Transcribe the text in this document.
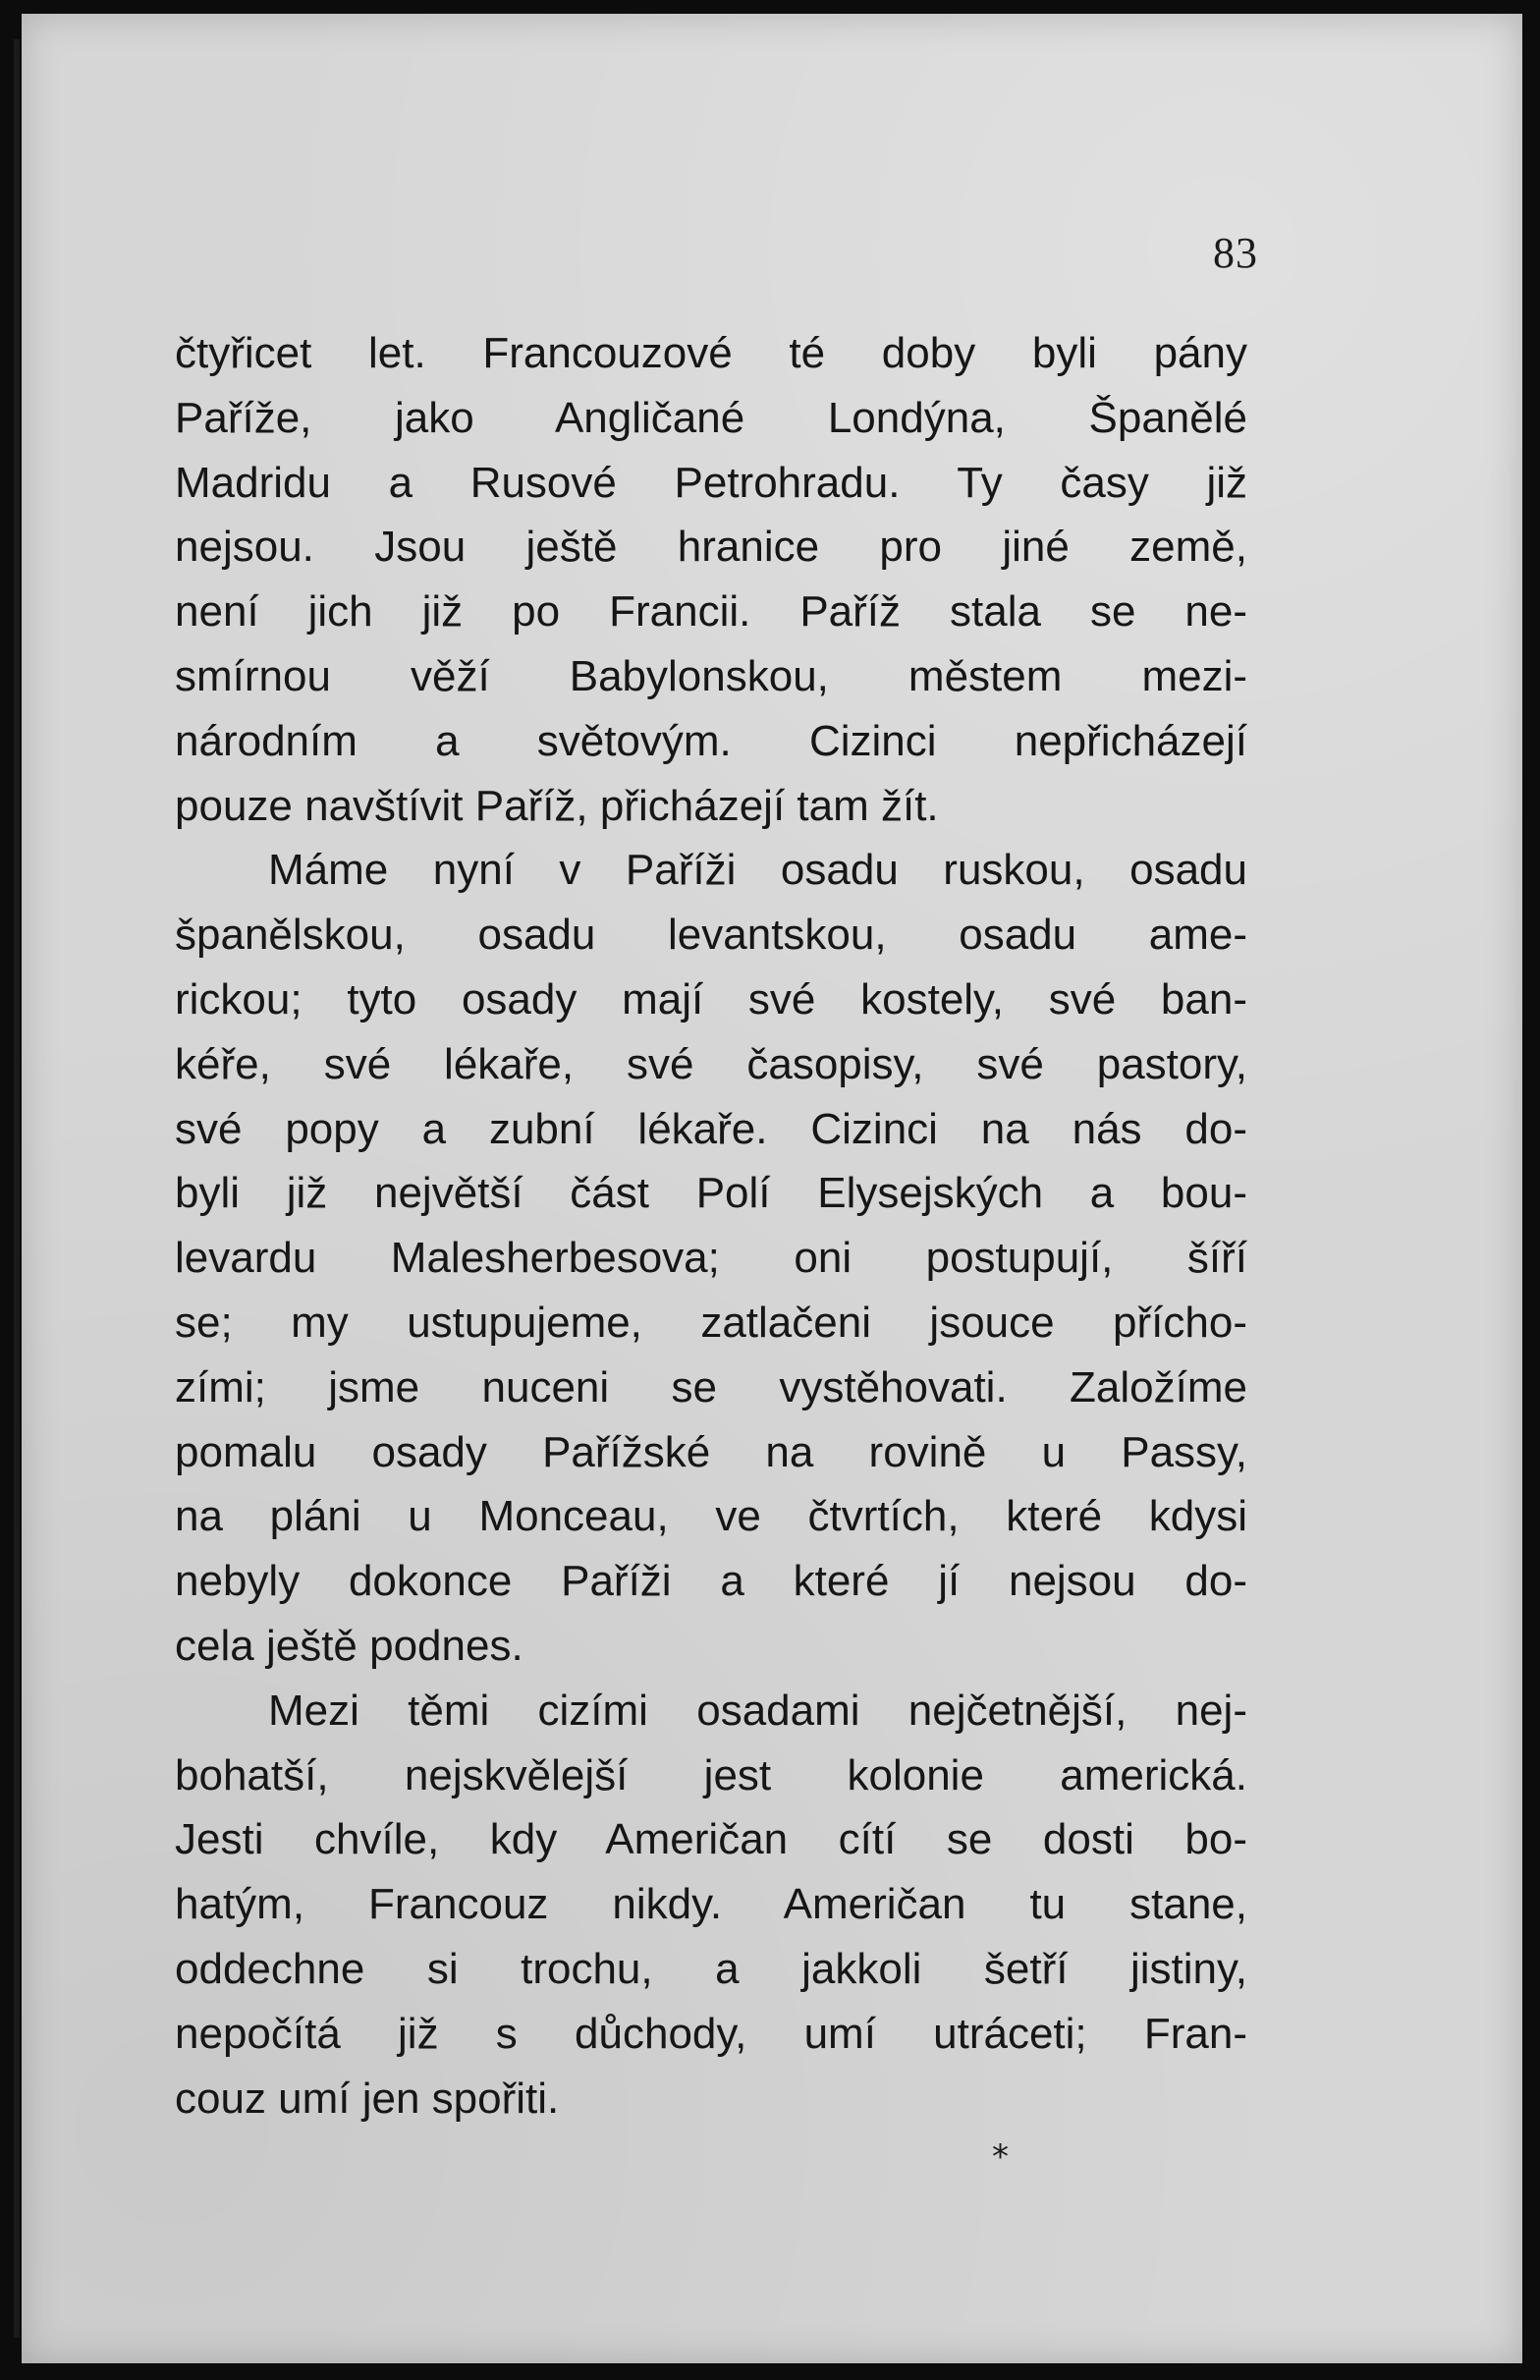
83
čtyřicet let. Francouzové té doby byli pány
Paříže, jako Angličané Londýna, Španělé
Madridu a Rusové Petrohradu. Ty časy již
nejsou. Jsou ještě hranice pro jiné země,
není jich již po Francii. Paříž stala se ne-
smírnou věží Babylonskou, městem mezi-
národním a světovým. Cizinci nepřicházejí
pouze navštívit Paříž, přicházejí tam žít.
Máme nyní v Paříži osadu ruskou, osadu
španělskou, osadu levantskou, osadu ame-
rickou; tyto osady mají své kostely, své ban-
kéře, své lékaře, své časopisy, své pastory,
své popy a zubní lékaře. Cizinci na nás do-
byli již největší část Polí Elysejských a bou-
levardu Malesherbesova; oni postupují, šíří
se; my ustupujeme, zatlačeni jsouce přícho-
zími; jsme nuceni se vystěhovati. Založíme
pomalu osady Pařížské na rovině u Passy,
na pláni u Monceau, ve čtvrtích, které kdysi
nebyly dokonce Paříži a které jí nejsou do-
cela ještě podnes.
Mezi těmi cizími osadami nejčetnější, nej-
bohatší, nejskvělejší jest kolonie americká.
Jesti chvíle, kdy Američan cítí se dosti bo-
hatým, Francouz nikdy. Američan tu stane,
oddechne si trochu, a jakkoli šetří jistiny,
nepočítá již s důchody, umí utráceti; Fran-
couz umí jen spořiti.
*
